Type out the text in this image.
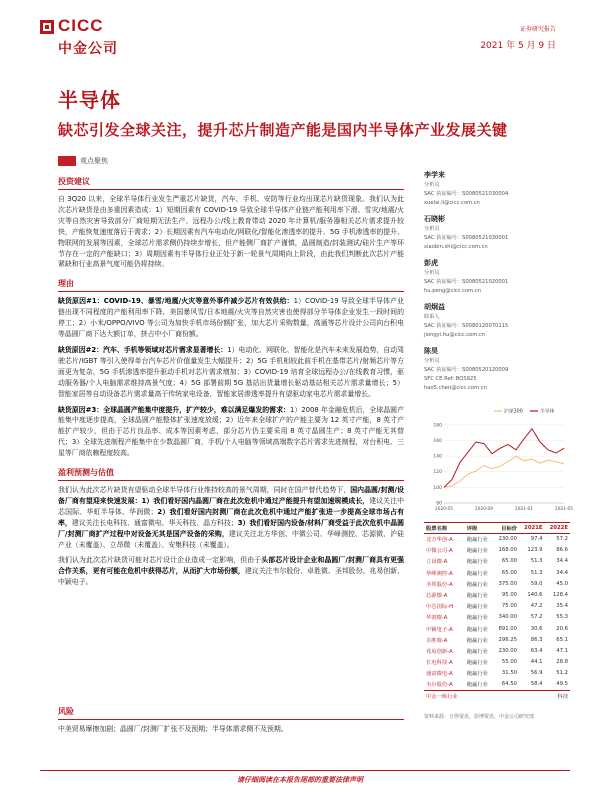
CICC
中金公司
证券研究报告
2021 年 5 月 9 日
半导体
缺芯引发全球关注，提升芯片制造产能是国内半导体产业发展关键
观点聚焦
投资建议

自 3Q20 以来，全球半导体行业发生严重芯片缺货，汽车、手机、安防等行业均出现芯片缺货现象。我们认为此次芯片缺货是由多重因素造成：1）短期因素有 COVID-19 导致全球半导体产业链产能利用率下滑、雪灾/地震/火灾等自然灾害导致部分厂商短期无法生产、远程办公/线上教育带动 2020 年计算机/服务器相关芯片需求提升较快，产能恢复速度落后于需求；2）长期因素有汽车电动化/网联化/智能化渗透率的提升、5G 手机渗透率的提升、物联网的发展等因素，全球芯片需求侧仍持续步增长，但产能侧厂商扩产谨慎，晶圆制造/封装测试/硅片生产等环节存在一定的产能缺口；3）周期因素有半导体行业正处于新一轮景气周期向上阶段，由此我们判断此次芯片产能紧缺和行业高景气度可能仍将持续。

理由

缺货原因#1：COVID-19、暴雪/地震/火灾等意外事件减少芯片有效供给：1）COVID-19 导致全球半导体产业链出现不同程度的产能利用率下降，美国暴风雪/日本地震/火灾等自然灾害也使得部分半导体企业发生一段时间的停工；2）小米/OPPO/VIVO 等公司为加快手机市场份额扩张，加大芯片采购数量，高通等芯片设计公司向台积电等晶圆厂商下达大额订单，挤占中小厂商份额。

缺货原因#2：汽车、手机等领域对芯片需求显著增长：1）电动化、网联化、智能化是汽车未来发展趋势，自动驾驶芯片/IGBT 等引入使得单台汽车芯片价值量发生大幅提升；2）5G 手机相较此前手机在基带芯片/射频芯片等方面更为复杂，5G 手机渗透率提升驱动手机对芯片需求增加；3）COVID-19 培育全球远程办公/在线教育习惯，驱动服务器/个人电脑需求维持高景气度；4）5G 部署前期 5G 基站出货量增长驱动基站相关芯片需求量增长；5）智能家居等自动设备芯片需求量高于传统家电设备，智能家居渗透率提升有望驱动家电芯片需求量增长。

缺货原因#3：全球晶圆产能集中度提升，扩产较少，难以满足爆发的需求：1）2008 年金融危机后，全球晶圆产能集中度逐步提高，全球晶圆产能整体扩张速度放缓；2）近年来全球扩产的产能主要为 12 英寸产能，8 英寸产能扩产较少，但由于芯片良品率、成本等因素考虑，部分芯片仍主要采用 8 英寸晶圆生产；8 英寸产能无其替代；3）全球先进制程产能集中在少数晶圆厂商，手机/个人电脑等领域高端数字芯片需求先进制程，对台积电、三星等厂商依赖程度较高。

盈利预测与估值

我们认为此次芯片缺货有望驱动全球半导体行业维持较高的景气周期，同时在国产替代趋势下，国内晶圆/封测/设备厂商有望迎来快速发展：1）我们看好国内晶圆厂商在此次危机中通过产能提升有望加速规模成长，建议关注中芯国际、华虹半导体、华润微；2）我们看好国内封测厂商在此次危机中通过产能扩张进一步提高全球市场占有率，建议关注长电科技、通富微电、华天科技、晶方科技；3）我们看好国内设备/材料厂商受益于此次危机中晶圆厂/封测厂商扩产过程中对设备无其是国产设备的采购，建议关注北方华创、中微公司、华峰测控、芯源微、沪硅产业（未覆盖）、立昂微（未覆盖）、安集科技（未覆盖）。

我们认为此次芯片缺货可能对芯片设计企业造成一定影响，但由于头部芯片设计企业和晶圆厂/封测厂商具有更强合作关系，更有可能在危机中获得芯片，从而扩大市场份额，建议关注韦尔股份、卓胜微、圣邦股份、兆易创新、中颖电子。

风险

中美贸易摩擦加剧；晶圆厂/封测厂扩张不及预期；半导体需求侧不及预期。

李学来
分析员
SAC 执证编号：S0080521030004
xuelai.li@cicc.com.cn
石晓彬
分析员
SAC 执证编号：S0080521030001
xiaobin.shi@cicc.com.cn
彭虎
分析员
SAC 执证编号：S0080521020001
hu.peng@cicc.com.cn
胡炯益
联系人
SAC 执证编号：S0080120070115
jiongyi.hu@cicc.com.cn
陈昊
分析员
SAC 执证编号：S0080520120009
SFC CE Ref: BQS925
hao5.chen@cicc.com.cn
80
100
120
140
160
180
2020-05	2020-09	2021-01	2021-05
沪深300	半导体
股票名称	评级	目标价	2021E	2022E
北方华创-A	跑赢行业	230.00	97.4	57.2
中微公司-A	跑赢行业	168.00	123.9	86.6
立昂微-A	跑赢行业	65.00	51.3	34.4
华峰测控-A	跑赢行业	65.00	51.3	34.4
圣邦股份-A	跑赢行业	375.00	59.0	45.0
芯源微-A	跑赢行业	95.00	140.6	128.4
中芯国际-H	跑赢行业	75.00	47.2	35.4
华润微-A	跑赢行业	340.00	57.2	55.3
中颖电子-A	跑赢行业	891.00	30.6	20.6
卓胜微-A	跑赢行业	296.25	86.3	65.1
兆易创新-A	跑赢行业	230.00	63.4	47.1
长电科技-A	跑赢行业	55.00	44.1	28.8
通富微电-A	跑赢行业	31.50	56.9	51.2
韦尔股份-A	跑赢行业	64.50	58.4	49.5
中金一级行业				科技
资料来源：万得资讯，彭博资讯，中金公司研究部
请仔细阅读在本报告尾部的重要法律声明
